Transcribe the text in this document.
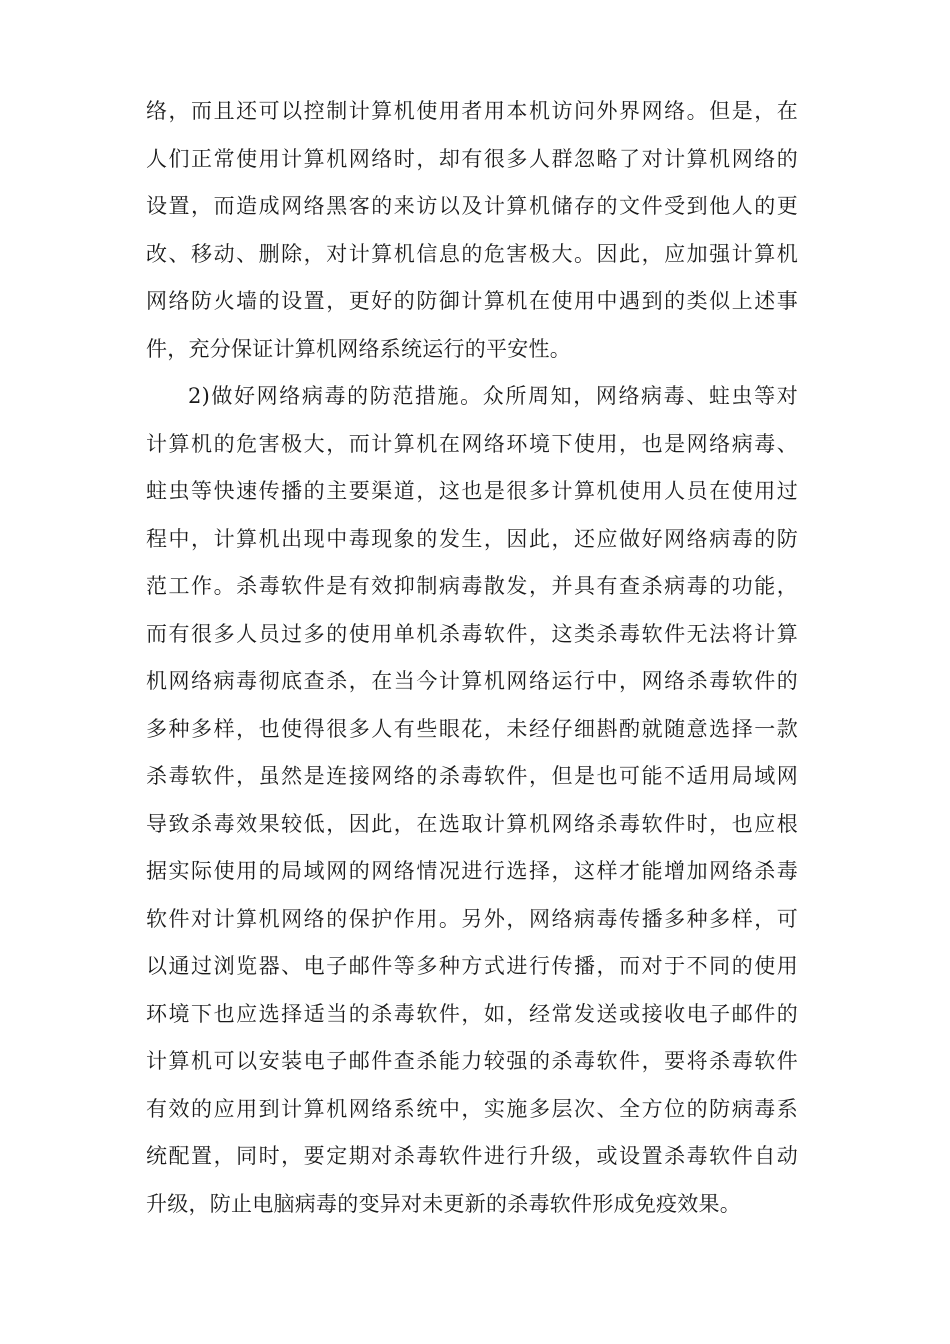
络，而且还可以控制计算机使用者用本机访问外界网络。但是，在
人们正常使用计算机网络时，却有很多人群忽略了对计算机网络的
设置，而造成网络黑客的来访以及计算机储存的文件受到他人的更
改、移动、删除，对计算机信息的危害极大。因此，应加强计算机
网络防火墙的设置，更好的防御计算机在使用中遇到的类似上述事
件，充分保证计算机网络系统运行的平安性。
2)做好网络病毒的防范措施。众所周知，网络病毒、蛀虫等对
计算机的危害极大，而计算机在网络环境下使用，也是网络病毒、
蛀虫等快速传播的主要渠道，这也是很多计算机使用人员在使用过
程中，计算机出现中毒现象的发生，因此，还应做好网络病毒的防
范工作。杀毒软件是有效抑制病毒散发，并具有查杀病毒的功能，
而有很多人员过多的使用单机杀毒软件，这类杀毒软件无法将计算
机网络病毒彻底查杀，在当今计算机网络运行中，网络杀毒软件的
多种多样，也使得很多人有些眼花，未经仔细斟酌就随意选择一款
杀毒软件，虽然是连接网络的杀毒软件，但是也可能不适用局域网
导致杀毒效果较低，因此，在选取计算机网络杀毒软件时，也应根
据实际使用的局域网的网络情况进行选择，这样才能增加网络杀毒
软件对计算机网络的保护作用。另外，网络病毒传播多种多样，可
以通过浏览器、电子邮件等多种方式进行传播，而对于不同的使用
环境下也应选择适当的杀毒软件，如，经常发送或接收电子邮件的
计算机可以安装电子邮件查杀能力较强的杀毒软件，要将杀毒软件
有效的应用到计算机网络系统中，实施多层次、全方位的防病毒系
统配置，同时，要定期对杀毒软件进行升级，或设置杀毒软件自动
升级，防止电脑病毒的变异对未更新的杀毒软件形成免疫效果。
